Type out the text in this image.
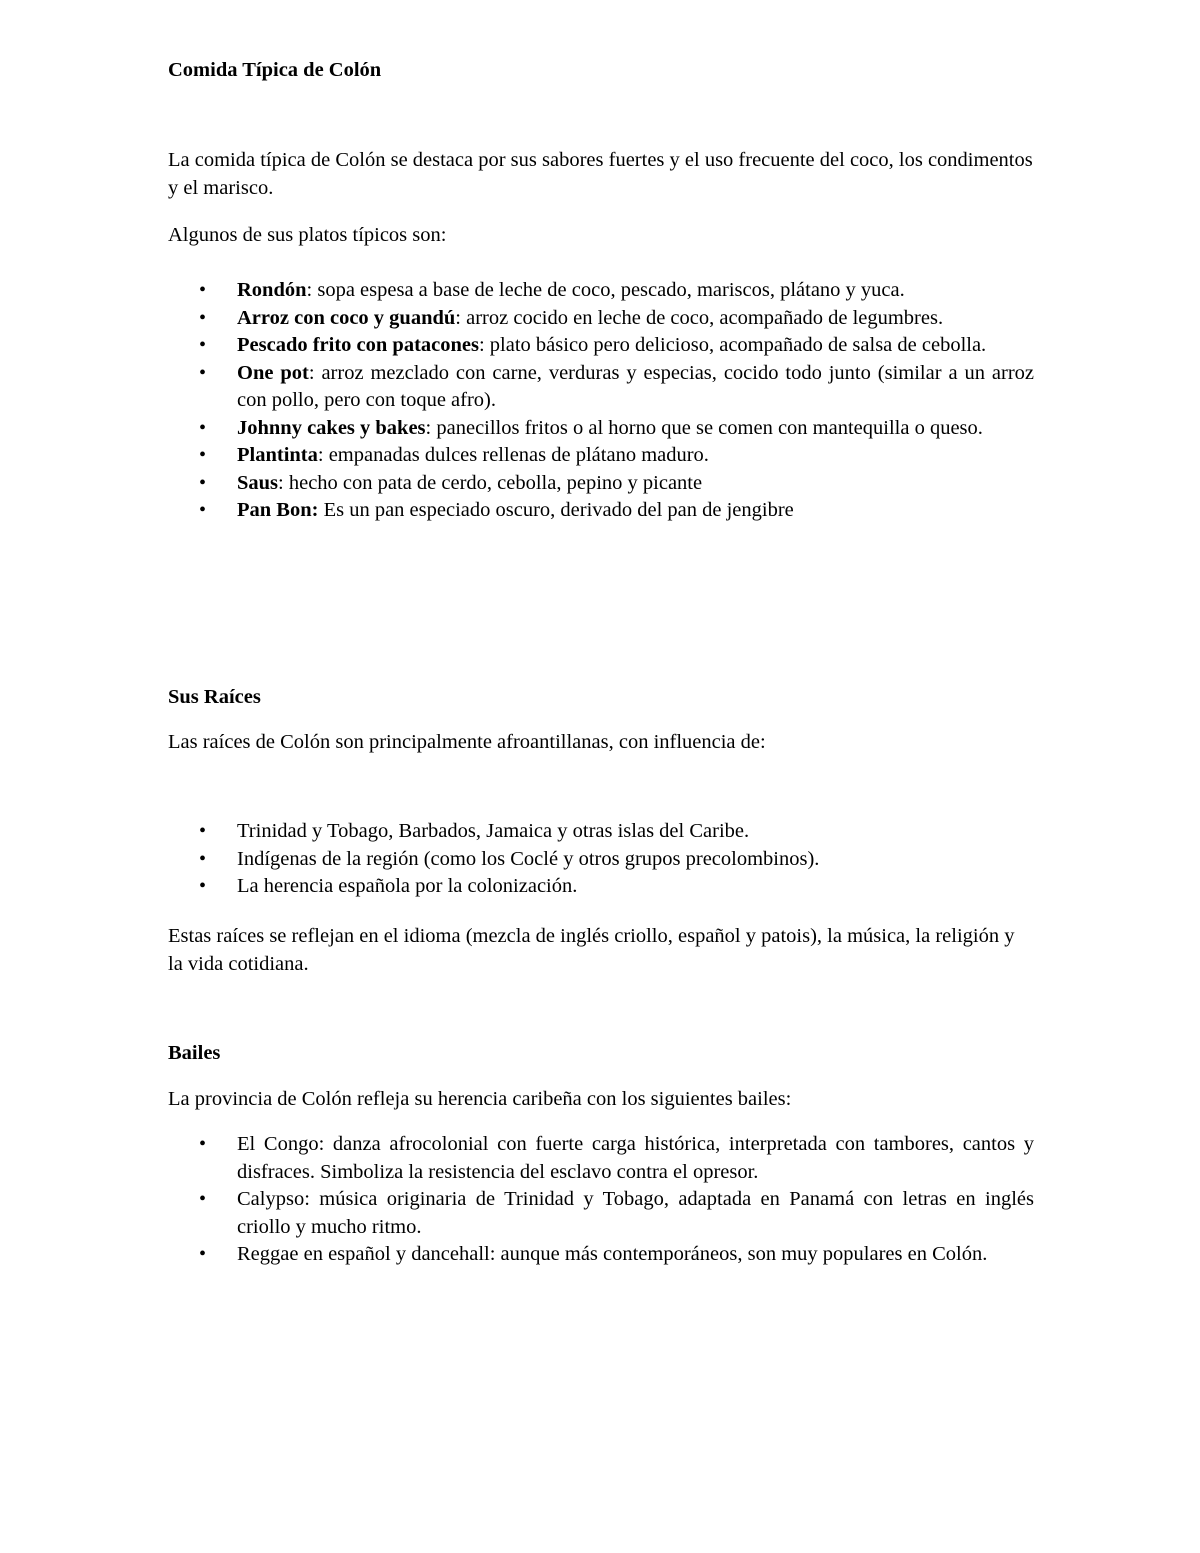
Comida Típica de Colón
La comida típica de Colón se destaca por sus sabores fuertes y el uso frecuente del coco, los condimentos y el marisco.
Algunos de sus platos típicos son:
• Rondón: sopa espesa a base de leche de coco, pescado, mariscos, plátano y yuca.
• Arroz con coco y guandú: arroz cocido en leche de coco, acompañado de legumbres.
• Pescado frito con patacones: plato básico pero delicioso, acompañado de salsa de cebolla.
• One pot: arroz mezclado con carne, verduras y especias, cocido todo junto (similar a un arroz con pollo, pero con toque afro).
• Johnny cakes y bakes: panecillos fritos o al horno que se comen con mantequilla o queso.
• Plantinta: empanadas dulces rellenas de plátano maduro.
• Saus: hecho con pata de cerdo, cebolla, pepino y picante
• Pan Bon: Es un pan especiado oscuro, derivado del pan de jengibre
Sus Raíces
Las raíces de Colón son principalmente afroantillanas, con influencia de:
• Trinidad y Tobago, Barbados, Jamaica y otras islas del Caribe.
• Indígenas de la región (como los Coclé y otros grupos precolombinos).
• La herencia española por la colonización.
Estas raíces se reflejan en el idioma (mezcla de inglés criollo, español y patois), la música, la religión y la vida cotidiana.
Bailes
La provincia de Colón refleja su herencia caribeña con los siguientes bailes:
• El Congo: danza afrocolonial con fuerte carga histórica, interpretada con tambores, cantos y disfraces. Simboliza la resistencia del esclavo contra el opresor.
• Calypso: música originaria de Trinidad y Tobago, adaptada en Panamá con letras en inglés criollo y mucho ritmo.
• Reggae en español y dancehall: aunque más contemporáneos, son muy populares en Colón.
